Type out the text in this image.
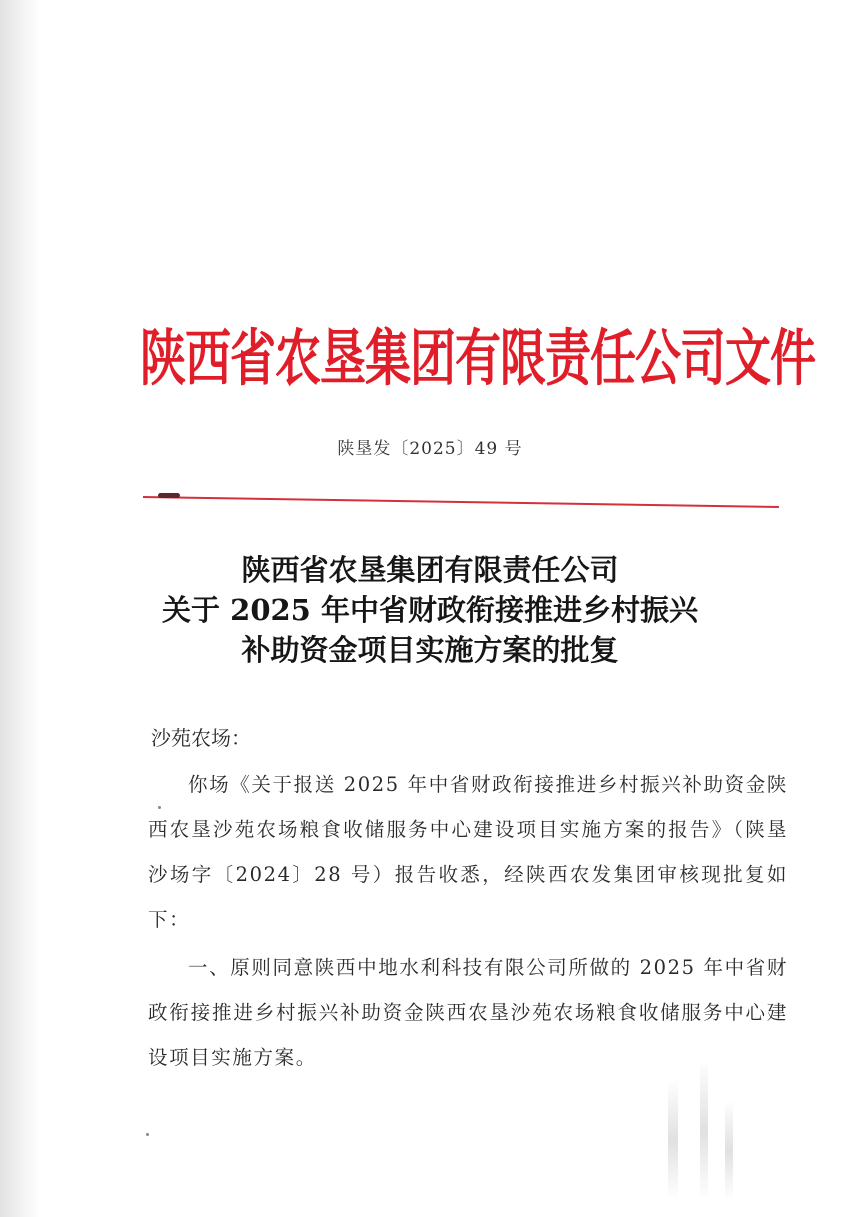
陕西省农垦集团有限责任公司文件
陕垦发〔2025〕49 号
陕西省农垦集团有限责任公司
关于 2025 年中省财政衔接推进乡村振兴
补助资金项目实施方案的批复
沙苑农场：

你场《关于报送 2025 年中省财政衔接推进乡村振兴补助资金陕西农垦沙苑农场粮食收储服务中心建设项目实施方案的报告》（陕垦沙场字〔2024〕28 号）报告收悉，经陕西农发集团审核现批复如下：

一、原则同意陕西中地水利科技有限公司所做的 2025 年中省财政衔接推进乡村振兴补助资金陕西农垦沙苑农场粮食收储服务中心建设项目实施方案。
